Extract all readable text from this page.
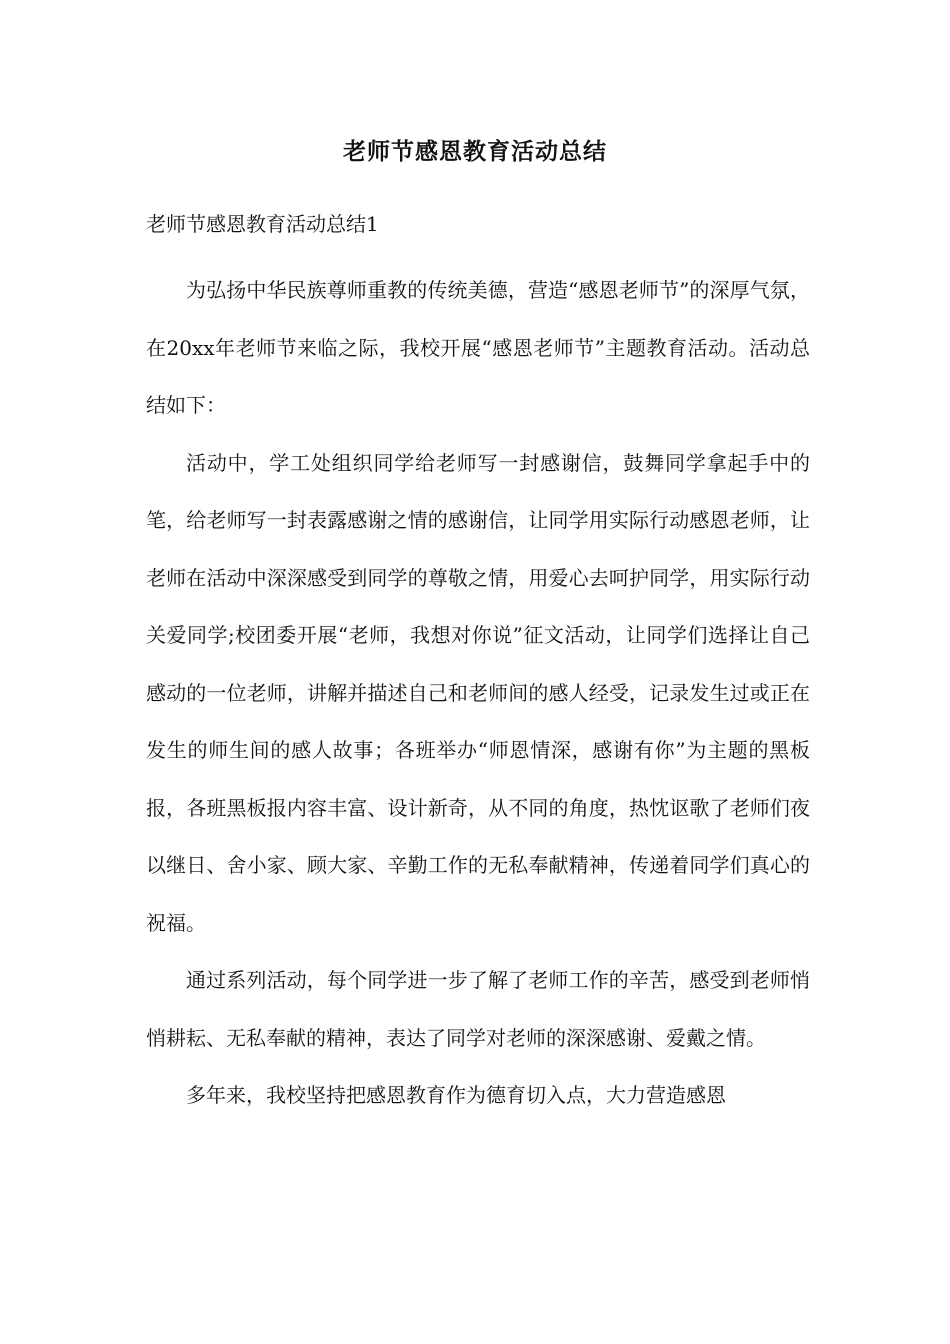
老师节感恩教育活动总结
老师节感恩教育活动总结1

为弘扬中华民族尊师重教的传统美德，营造“感恩老师节”的深厚气氛，在20xx年老师节来临之际，我校开展“感恩老师节”主题教育活动。活动总结如下：

活动中，学工处组织同学给老师写一封感谢信，鼓舞同学拿起手中的笔，给老师写一封表露感谢之情的感谢信，让同学用实际行动感恩老师，让老师在活动中深深感受到同学的尊敬之情，用爱心去呵护同学，用实际行动关爱同学;校团委开展“老师，我想对你说”征文活动，让同学们选择让自己感动的一位老师，讲解并描述自己和老师间的感人经受，记录发生过或正在发生的师生间的感人故事；各班举办“师恩情深，感谢有你”为主题的黑板报，各班黑板报内容丰富、设计新奇，从不同的角度，热忱讴歌了老师们夜以继日、舍小家、顾大家、辛勤工作的无私奉献精神，传递着同学们真心的祝福。

通过系列活动，每个同学进一步了解了老师工作的辛苦，感受到老师悄悄耕耘、无私奉献的精神，表达了同学对老师的深深感谢、爱戴之情。

多年来，我校坚持把感恩教育作为德育切入点，大力营造感恩
